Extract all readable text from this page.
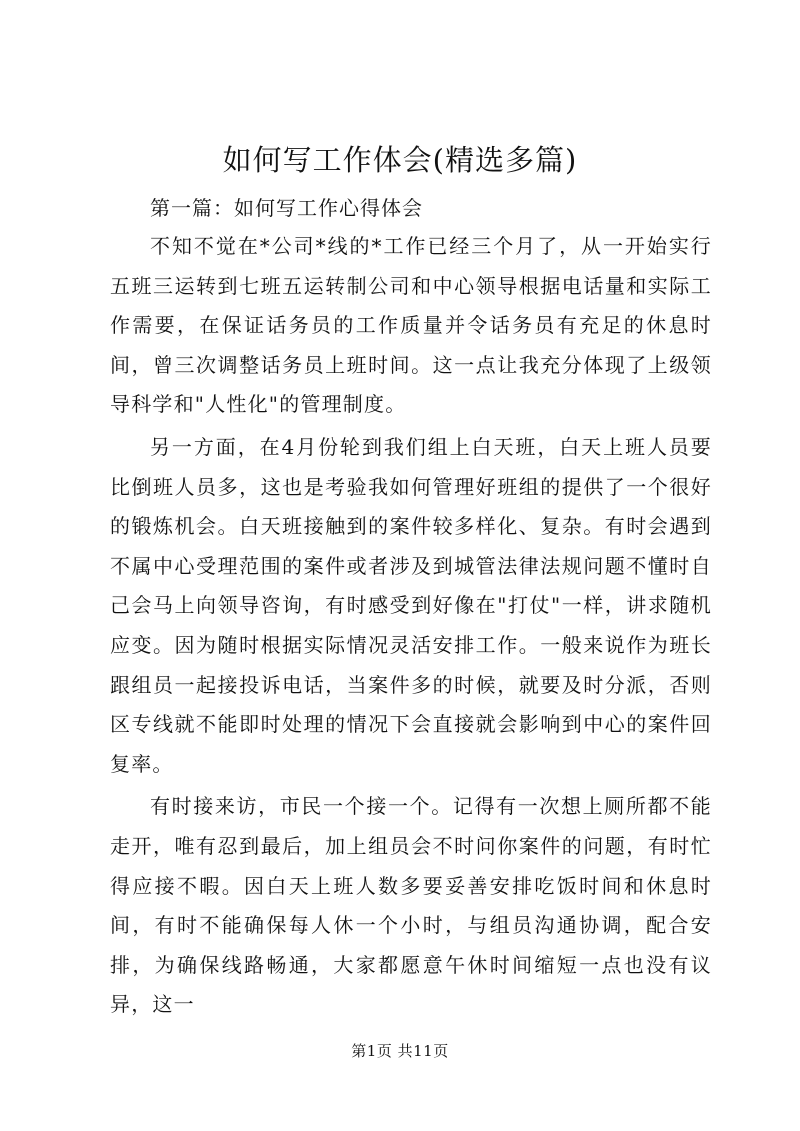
如何写工作体会(精选多篇)

第一篇：如何写工作心得体会

不知不觉在*公司*线的*工作已经三个月了，从一开始实行五班三运转到七班五运转制公司和中心领导根据电话量和实际工作需要，在保证话务员的工作质量并令话务员有充足的休息时间，曾三次调整话务员上班时间。这一点让我充分体现了上级领导科学和"人性化"的管理制度。

另一方面，在4月份轮到我们组上白天班，白天上班人员要比倒班人员多，这也是考验我如何管理好班组的提供了一个很好的锻炼机会。白天班接触到的案件较多样化、复杂。有时会遇到不属中心受理范围的案件或者涉及到城管法律法规问题不懂时自己会马上向领导咨询，有时感受到好像在"打仗"一样，讲求随机应变。因为随时根据实际情况灵活安排工作。一般来说作为班长跟组员一起接投诉电话，当案件多的时候，就要及时分派，否则区专线就不能即时处理的情况下会直接就会影响到中心的案件回复率。

有时接来访，市民一个接一个。记得有一次想上厕所都不能走开，唯有忍到最后，加上组员会不时问你案件的问题，有时忙得应接不暇。因白天上班人数多要妥善安排吃饭时间和休息时间，有时不能确保每人休一个小时，与组员沟通协调，配合安排，为确保线路畅通，大家都愿意午休时间缩短一点也没有议异，这一

第1页 共11页
